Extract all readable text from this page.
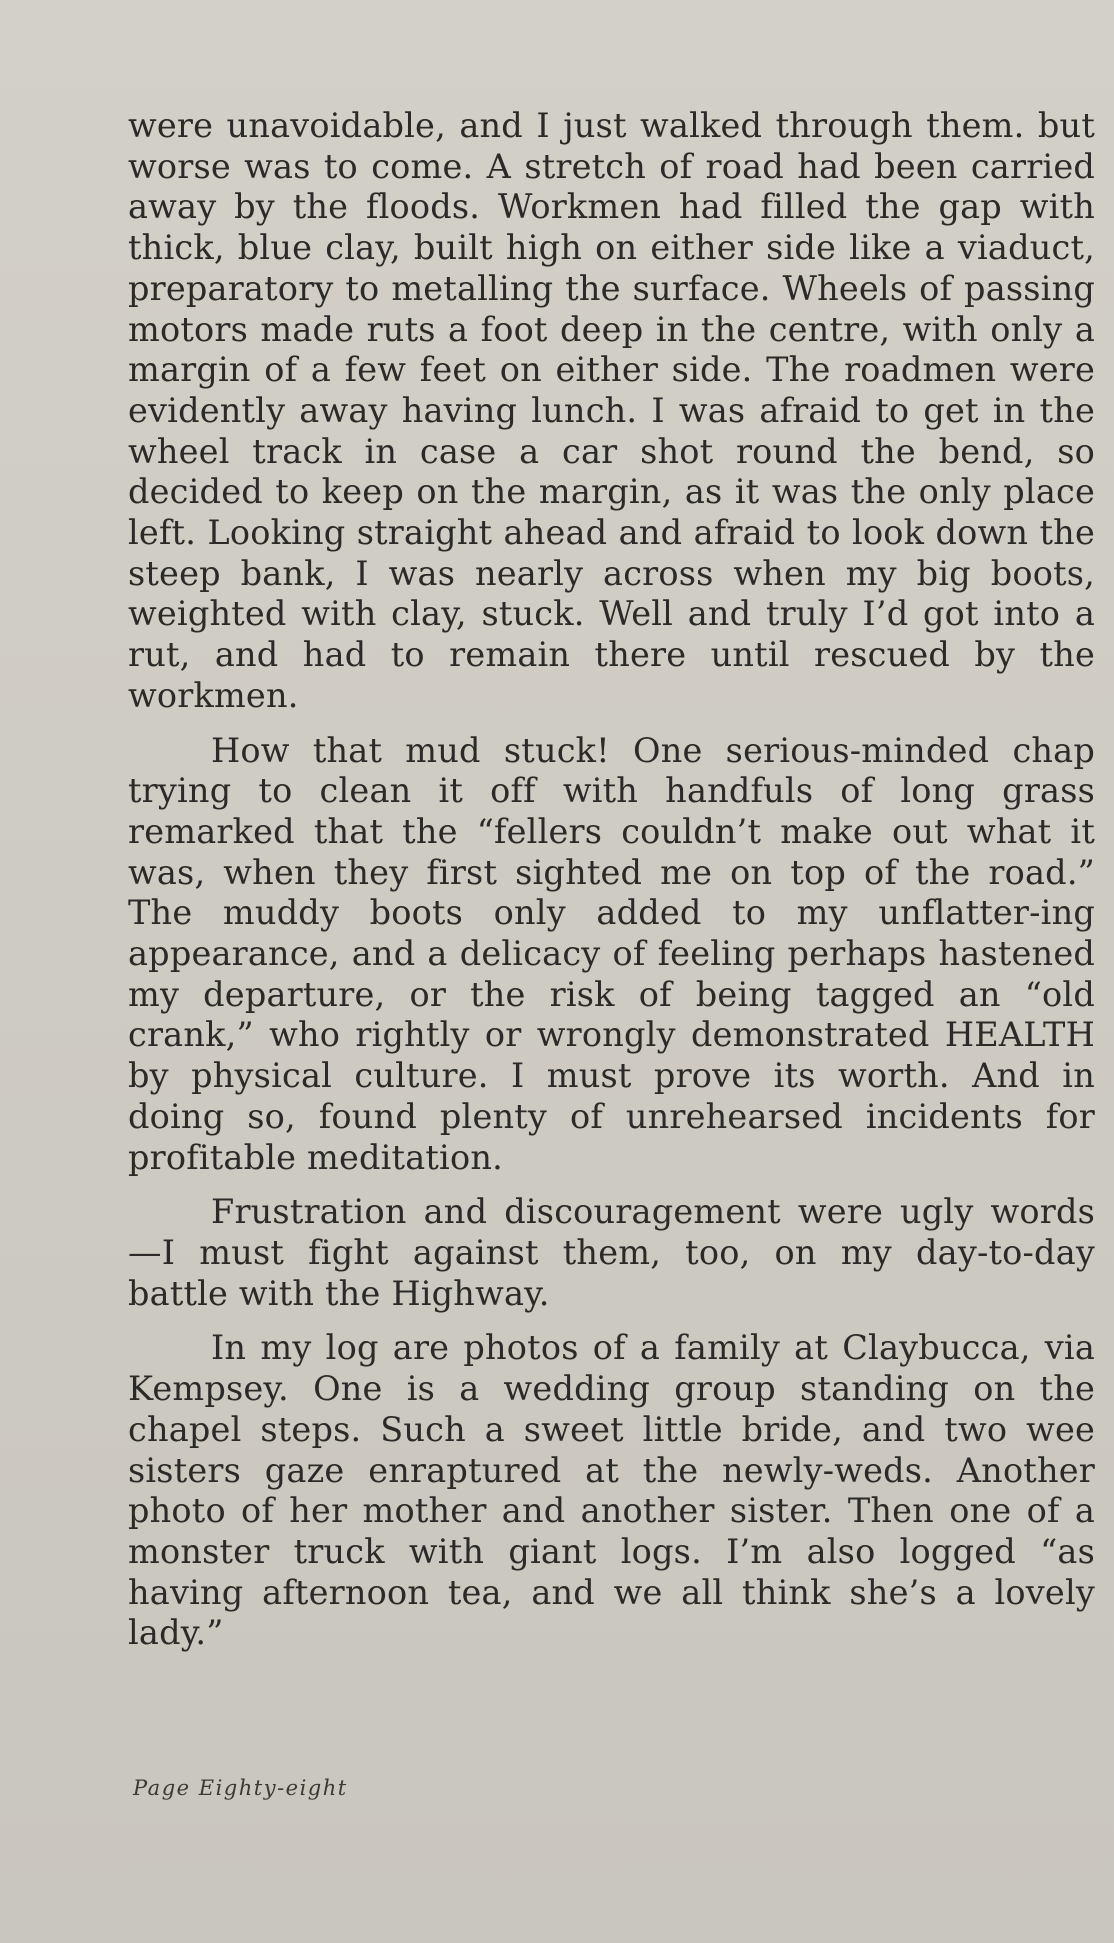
were unavoidable, and I just walked through them. but worse was to come. A stretch of road had been carried away by the floods. Workmen had filled the gap with thick, blue clay, built high on either side like a viaduct, preparatory to metalling the surface. Wheels of passing motors made ruts a foot deep in the centre, with only a margin of a few feet on either side. The roadmen were evidently away having lunch. I was afraid to get in the wheel track in case a car shot round the bend, so decided to keep on the margin, as it was the only place left. Looking straight ahead and afraid to look down the steep bank, I was nearly across when my big boots, weighted with clay, stuck. Well and truly I’d got into a rut, and had to remain there until rescued by the workmen.

How that mud stuck! One serious-minded chap trying to clean it off with handfuls of long grass remarked that the “fellers couldn’t make out what it was, when they first sighted me on top of the road.” The muddy boots only added to my unflatter-ing appearance, and a delicacy of feeling perhaps hastened my departure, or the risk of being tagged an “old crank,” who rightly or wrongly demonstrated HEALTH by physical culture. I must prove its worth. And in doing so, found plenty of unrehearsed incidents for profitable meditation.

Frustration and discouragement were ugly words—I must fight against them, too, on my day-to-day battle with the Highway.

In my log are photos of a family at Claybucca, via Kempsey. One is a wedding group standing on the chapel steps. Such a sweet little bride, and two wee sisters gaze enraptured at the newly-weds. Another photo of her mother and another sister. Then one of a monster truck with giant logs. I’m also logged “as having afternoon tea, and we all think she’s a lovely lady.”

Page Eighty-eight
